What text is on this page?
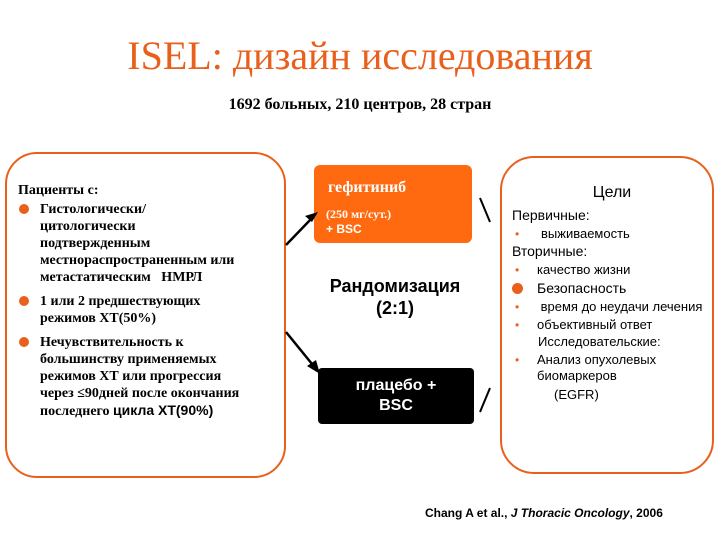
ISEL: дизайн исследования
1692 больных, 210 центров, 28 стран
Пациенты с:
Гистологически/
цитологически
подтвержденным
местнораспространенным или
метастатическим   НМРЛ
1 или 2 предшествующих
режимов ХТ(50%)
Нечувствительность к
большинству применяемых
режимов ХТ или прогрессия
через ≤90дней после окончания
последнего цикла ХТ(90%)
гефитиниб
(250 мг/сут.)
+ BSC
Рандомизация
(2:1)
плацебо +
BSC
Цели
Первичные:
• выживаемость
Вторичные:
• качество жизни
Безопасность
• время до неудачи лечения
• объективный ответ
Исследовательские:
• Анализ опухолевых биомаркеров
(EGFR)
Chang A et al., J Thoracic Oncology, 2006
